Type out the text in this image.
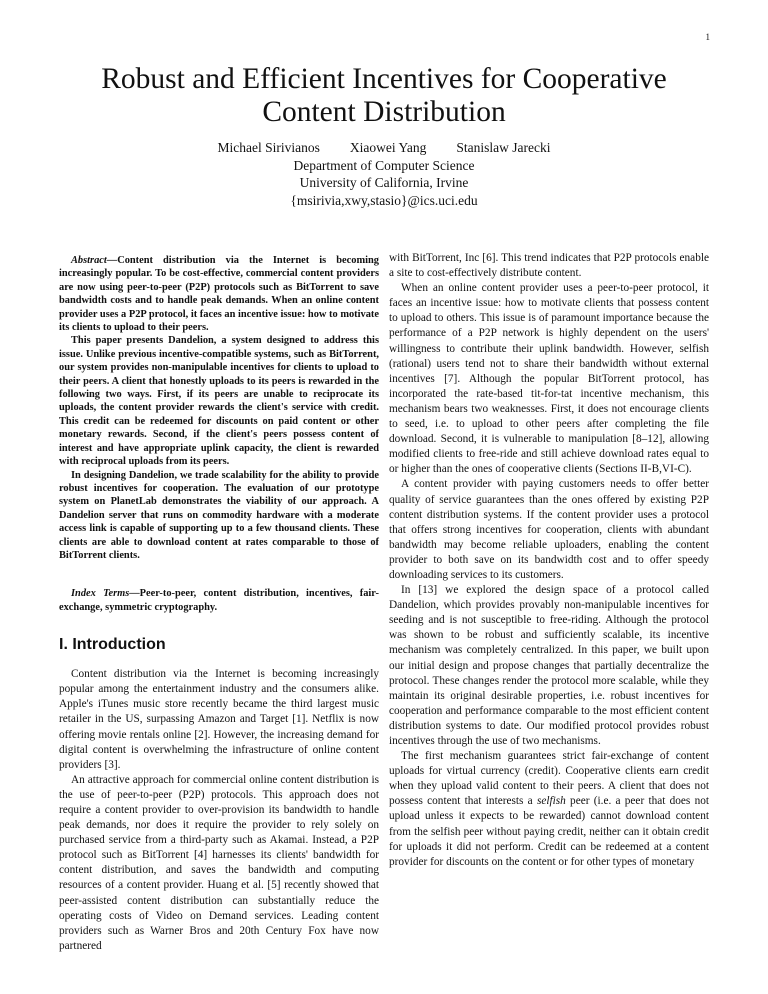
1
Robust and Efficient Incentives for Cooperative Content Distribution
Michael Sirivianos Xiaowei Yang Stanislaw Jarecki
Department of Computer Science
University of California, Irvine
{msirivia,xwy,stasio}@ics.uci.edu

Abstract—Content distribution via the Internet is becoming increasingly popular. To be cost-effective, commercial content providers are now using peer-to-peer (P2P) protocols such as BitTorrent to save bandwidth costs and to handle peak demands. When an online content provider uses a P2P protocol, it faces an incentive issue: how to motivate its clients to upload to their peers.

This paper presents Dandelion, a system designed to address this issue. Unlike previous incentive-compatible systems, such as BitTorrent, our system provides non-manipulable incentives for clients to upload to their peers. A client that honestly uploads to its peers is rewarded in the following two ways. First, if its peers are unable to reciprocate its uploads, the content provider rewards the client's service with credit. This credit can be redeemed for discounts on paid content or other monetary rewards. Second, if the client's peers possess content of interest and have appropriate uplink capacity, the client is rewarded with reciprocal uploads from its peers.

In designing Dandelion, we trade scalability for the ability to provide robust incentives for cooperation. The evaluation of our prototype system on PlanetLab demonstrates the viability of our approach. A Dandelion server that runs on commodity hardware with a moderate access link is capable of supporting up to a few thousand clients. These clients are able to download content at rates comparable to those of BitTorrent clients.

Index Terms—Peer-to-peer, content distribution, incentives, fair-exchange, symmetric cryptography.

I. Introduction

Content distribution via the Internet is becoming increasingly popular among the entertainment industry and the consumers alike. Apple's iTunes music store recently became the third largest music retailer in the US, surpassing Amazon and Target [1]. Netflix is now offering movie rentals online [2]. However, the increasing demand for digital content is overwhelming the infrastructure of online content providers [3].

An attractive approach for commercial online content distribution is the use of peer-to-peer (P2P) protocols. This approach does not require a content provider to over-provision its bandwidth to handle peak demands, nor does it require the provider to rely solely on purchased service from a third-party such as Akamai. Instead, a P2P protocol such as BitTorrent [4] harnesses its clients' bandwidth for content distribution, and saves the bandwidth and computing resources of a content provider. Huang et al. [5] recently showed that peer-assisted content distribution can substantially reduce the operating costs of Video on Demand services. Leading content providers such as Warner Bros and 20th Century Fox have now partnered

with BitTorrent, Inc [6]. This trend indicates that P2P protocols enable a site to cost-effectively distribute content.

When an online content provider uses a peer-to-peer protocol, it faces an incentive issue: how to motivate clients that possess content to upload to others. This issue is of paramount importance because the performance of a P2P network is highly dependent on the users' willingness to contribute their uplink bandwidth. However, selfish (rational) users tend not to share their bandwidth without external incentives [7]. Although the popular BitTorrent protocol, has incorporated the rate-based tit-for-tat incentive mechanism, this mechanism bears two weaknesses. First, it does not encourage clients to seed, i.e. to upload to other peers after completing the file download. Second, it is vulnerable to manipulation [8–12], allowing modified clients to free-ride and still achieve download rates equal to or higher than the ones of cooperative clients (Sections II-B,VI-C).

A content provider with paying customers needs to offer better quality of service guarantees than the ones offered by existing P2P content distribution systems. If the content provider uses a protocol that offers strong incentives for cooperation, clients with abundant bandwidth may become reliable uploaders, enabling the content provider to both save on its bandwidth cost and to offer speedy downloading services to its customers.

In [13] we explored the design space of a protocol called Dandelion, which provides provably non-manipulable incentives for seeding and is not susceptible to free-riding. Although the protocol was shown to be robust and sufficiently scalable, its incentive mechanism was completely centralized. In this paper, we built upon our initial design and propose changes that partially decentralize the protocol. These changes render the protocol more scalable, while they maintain its original desirable properties, i.e. robust incentives for cooperation and performance comparable to the most efficient content distribution systems to date. Our modified protocol provides robust incentives through the use of two mechanisms.

The first mechanism guarantees strict fair-exchange of content uploads for virtual currency (credit). Cooperative clients earn credit when they upload valid content to their peers. A client that does not possess content that interests a selfish peer (i.e. a peer that does not upload unless it expects to be rewarded) cannot download content from the selfish peer without paying credit, neither can it obtain credit for uploads it did not perform. Credit can be redeemed at a content provider for discounts on the content or for other types of monetary
